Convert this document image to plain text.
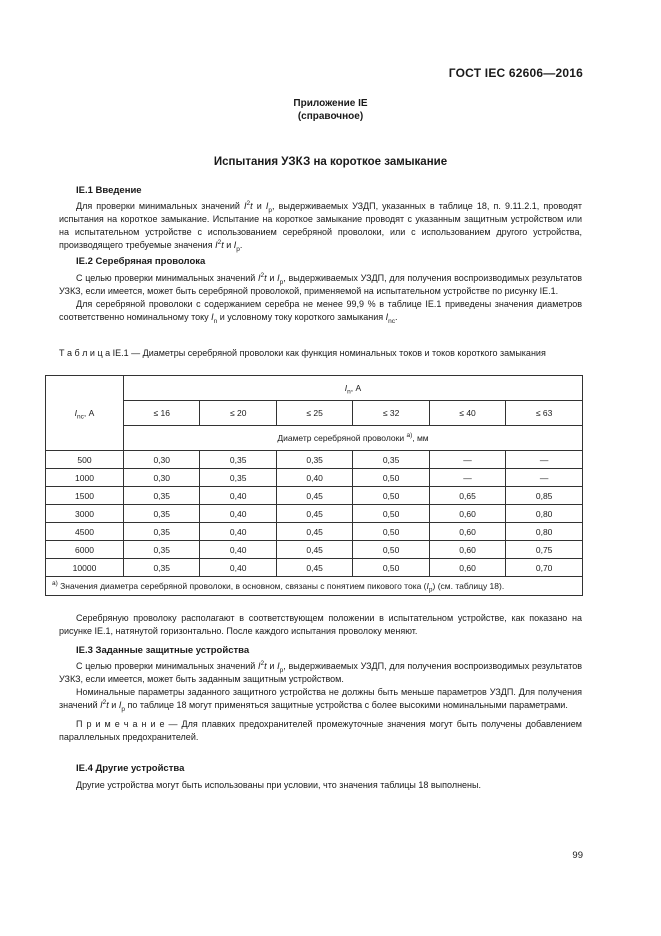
ГОСТ IEC 62606—2016
Приложение IE
(справочное)
Испытания УЗКЗ на короткое замыкание
IE.1 Введение

Для проверки минимальных значений $I^2t$ и $I_p$, выдерживаемых УЗДП, указанных в таблице 18, п. 9.11.2.1, проводят испытания на короткое замыкание. Испытание на короткое замыкание проводят с указанным защитным устройством или на испытательном устройстве с использованием серебряной проволоки, или с использованием другого устройства, производящего требуемые значения $I^2t$ и $I_p$.

IE.2 Серебряная проволока

С целью проверки минимальных значений $I^2t$ и $I_p$, выдерживаемых УЗДП, для получения воспроизводимых результатов УЗКЗ, если имеется, может быть серебряной проволокой, применяемой на испытательном устройстве по рисунку IE.1.

Для серебряной проволоки с содержанием серебра не менее 99,9 % в таблице IE.1 приведены значения диаметров соответственно номинальному току $I_n$ и условному току короткого замыкания $I_{nc}$.

Т а б л и ц а IE.1 — Диаметры серебряной проволоки как функция номинальных токов и токов короткого замыкания
$I_{nc}$, А	$I_n$, А					
	≤ 16	≤ 20	≤ 25	≤ 32	≤ 40	≤ 63
	Диаметр серебряной проволоки $^{а)}$, мм					
500	0,30	0,35	0,35	0,35	—	—
1000	0,30	0,35	0,40	0,50	—	—
1500	0,35	0,40	0,45	0,50	0,65	0,85
3000	0,35	0,40	0,45	0,50	0,60	0,80
4500	0,35	0,40	0,45	0,50	0,60	0,80
6000	0,35	0,40	0,45	0,50	0,60	0,75
10000	0,35	0,40	0,45	0,50	0,60	0,70
$^{а)}$ Значения диаметра серебряной проволоки, в основном, связаны с понятием пикового тока $(I_p)$ (см. таблицу 18).						

Серебряную проволоку располагают в соответствующем положении в испытательном устройстве, как показано на рисунке IE.1, натянутой горизонтально. После каждого испытания проволоку меняют.

IE.3 Заданные защитные устройства

С целью проверки минимальных значений $I^2t$ и $I_p$, выдерживаемых УЗДП, для получения воспроизводимых результатов УЗКЗ, если имеется, может быть заданным защитным устройством.

Номинальные параметры заданного защитного устройства не должны быть меньше параметров УЗДП. Для получения значений $I^2t$ и $I_p$ по таблице 18 могут применяться защитные устройства с более высокими номинальными параметрами.

П р и м е ч а н и е — Для плавких предохранителей промежуточные значения могут быть получены добавлением параллельных предохранителей.

IE.4 Другие устройства

Другие устройства могут быть использованы при условии, что значения таблицы 18 выполнены.

99
